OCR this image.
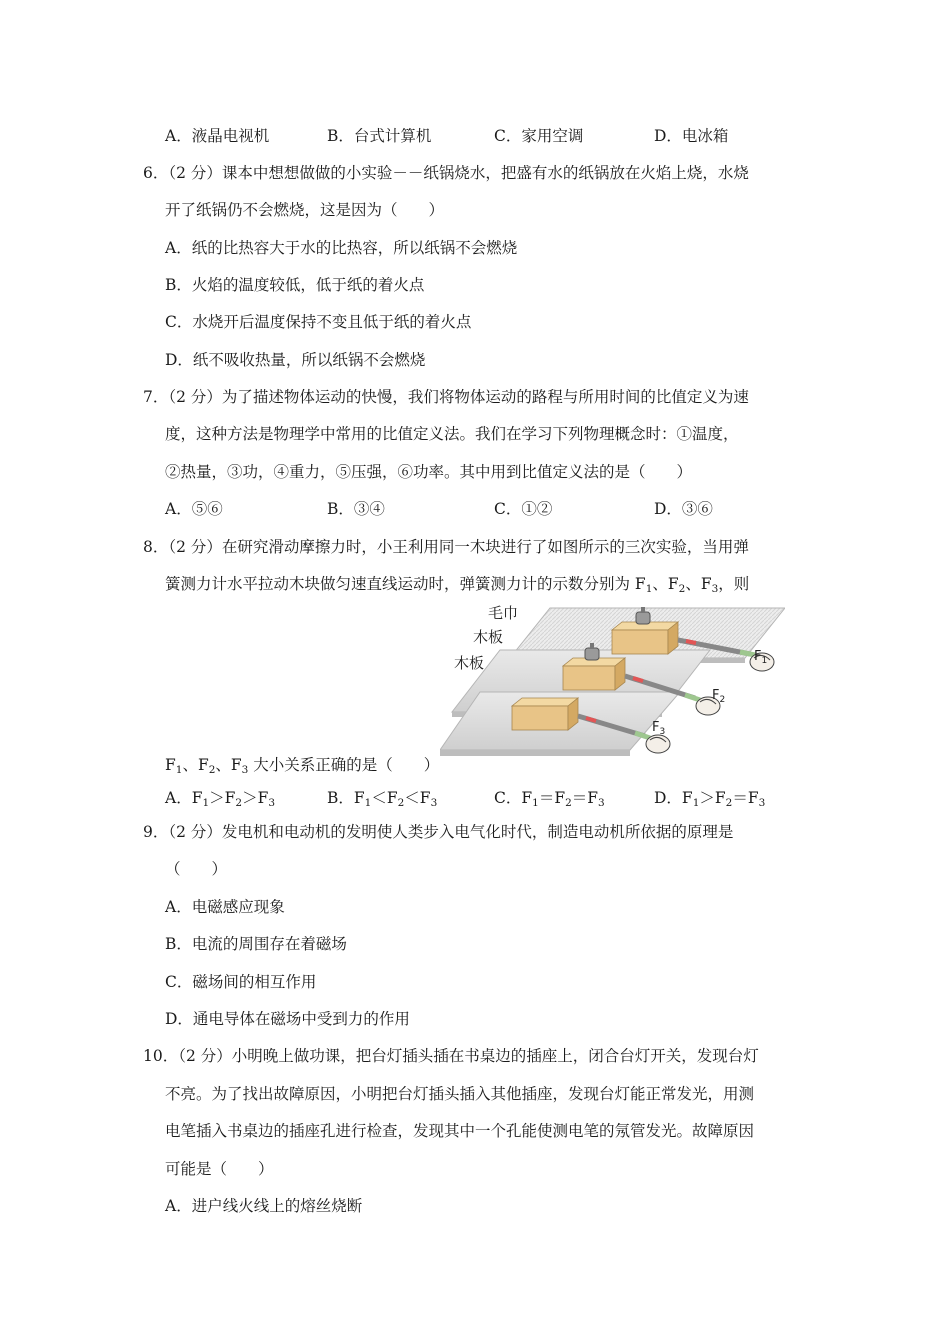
A．液晶电视机	B．台式计算机	C．家用空调	D．电冰箱
6．（2 分）课本中想想做做的小实验－－纸锅烧水，把盛有水的纸锅放在火焰上烧，水烧
开了纸锅仍不会燃烧，这是因为（　　）
A．纸的比热容大于水的比热容，所以纸锅不会燃烧
B．火焰的温度较低，低于纸的着火点
C．水烧开后温度保持不变且低于纸的着火点
D．纸不吸收热量，所以纸锅不会燃烧
7．（2 分）为了描述物体运动的快慢，我们将物体运动的路程与所用时间的比值定义为速
度，这种方法是物理学中常用的比值定义法。我们在学习下列物理概念时：①温度，
②热量，③功，④重力，⑤压强，⑥功率。其中用到比值定义法的是（　　）
A．⑤⑥	B．③④	C．①②	D．③⑥
8．（2 分）在研究滑动摩擦力时，小王利用同一木块进行了如图所示的三次实验，当用弹
簧测力计水平拉动木块做匀速直线运动时，弹簧测力计的示数分别为 $F_1$、$F_2$、$F_3$，则
毛巾
木板
木板	$F_1$
$F_2$
$F_3$
$F_1$、$F_2$、$F_3$ 大小关系正确的是（　　）
A．$F_1>F_2>F_3$	B．$F_1<F_2<F_3$	C．$F_1=F_2=F_3$	D．$F_1>F_2=F_3$
9．（2 分）发电机和电动机的发明使人类步入电气化时代，制造电动机所依据的原理是
（　　）
A．电磁感应现象
B．电流的周围存在着磁场
C．磁场间的相互作用
D．通电导体在磁场中受到力的作用
10．（2 分）小明晚上做功课，把台灯插头插在书桌边的插座上，闭合台灯开关，发现台灯
不亮。为了找出故障原因，小明把台灯插头插入其他插座，发现台灯能正常发光，用测
电笔插入书桌边的插座孔进行检查，发现其中一个孔能使测电笔的氖管发光。故障原因
可能是（　　）
A．进户线火线上的熔丝烧断
